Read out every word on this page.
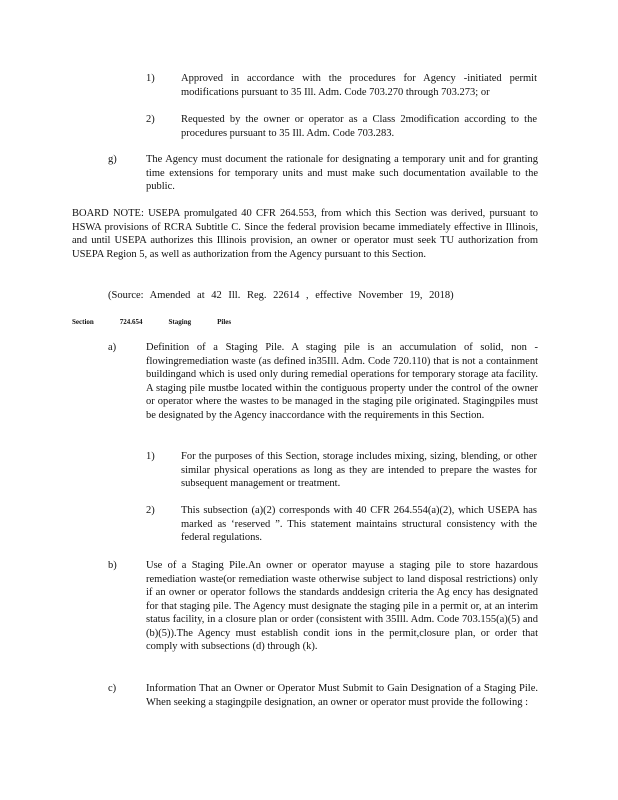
1)	Approved in accordance with the procedures for Agency -initiated permit modifications pursuant to 35 Ill. Adm. Code 703.270 through 703.273; or
2)	Requested by the owner or operator as a Class 2modification according to the procedures pursuant to 35 Ill. Adm. Code 703.283.
g)	The Agency must document the rationale for designating a temporary unit and for granting time extensions for temporary units and must make such documentation available to the public.
BOARD NOTE: USEPA promulgated 40 CFR 264.553, from which this Section was derived, pursuant to HSWA provisions of RCRA Subtitle C. Since the federal provision became immediately effective in Illinois, and until USEPA authorizes this Illinois provision, an owner or operator must seek TU authorization from USEPA Region 5, as well as authorization from the Agency pursuant to this Section.
(Source: Amended at 42 Ill. Reg. 22614 , effective November 19, 2018)
Section	724.654	Staging	Piles
a)	Definition of a Staging Pile. A staging pile is an accumulation of solid, non - flowingremediation waste (as defined in35Ill. Adm. Code 720.110) that is not a containment buildingand which is used only during remedial operations for temporary storage ata facility. A staging pile mustbe located within the contiguous property under the control of the owner or operator where the wastes to be managed in the staging pile originated. Stagingpiles must be designated by the Agency inaccordance with the requirements in this Section.
1)	For the purposes of this Section, storage includes mixing, sizing, blending, or other similar physical operations as long as they are intended to prepare the wastes for subsequent management or treatment.
2)	This subsection (a)(2) corresponds with 40 CFR 264.554(a)(2), which USEPA has marked as ‘reserved ”. This statement maintains structural consistency with the federal regulations.
b)	Use of a Staging Pile.An owner or operator mayuse a staging pile to store hazardous remediation waste(or remediation waste otherwise subject to land disposal restrictions) only if an owner or operator follows the standards anddesign criteria the Ag ency has designated for that staging pile. The Agency must designate the staging pile in a permit or, at an interim status facility, in a closure plan or order (consistent with 35Ill. Adm. Code 703.155(a)(5) and (b)(5)).The Agency must establish condit ions in the permit,closure plan, or order that comply with subsections (d) through (k).
c)	Information That an Owner or Operator Must Submit to Gain Designation of a Staging Pile. When seeking a stagingpile designation, an owner or operator must provide the following :
